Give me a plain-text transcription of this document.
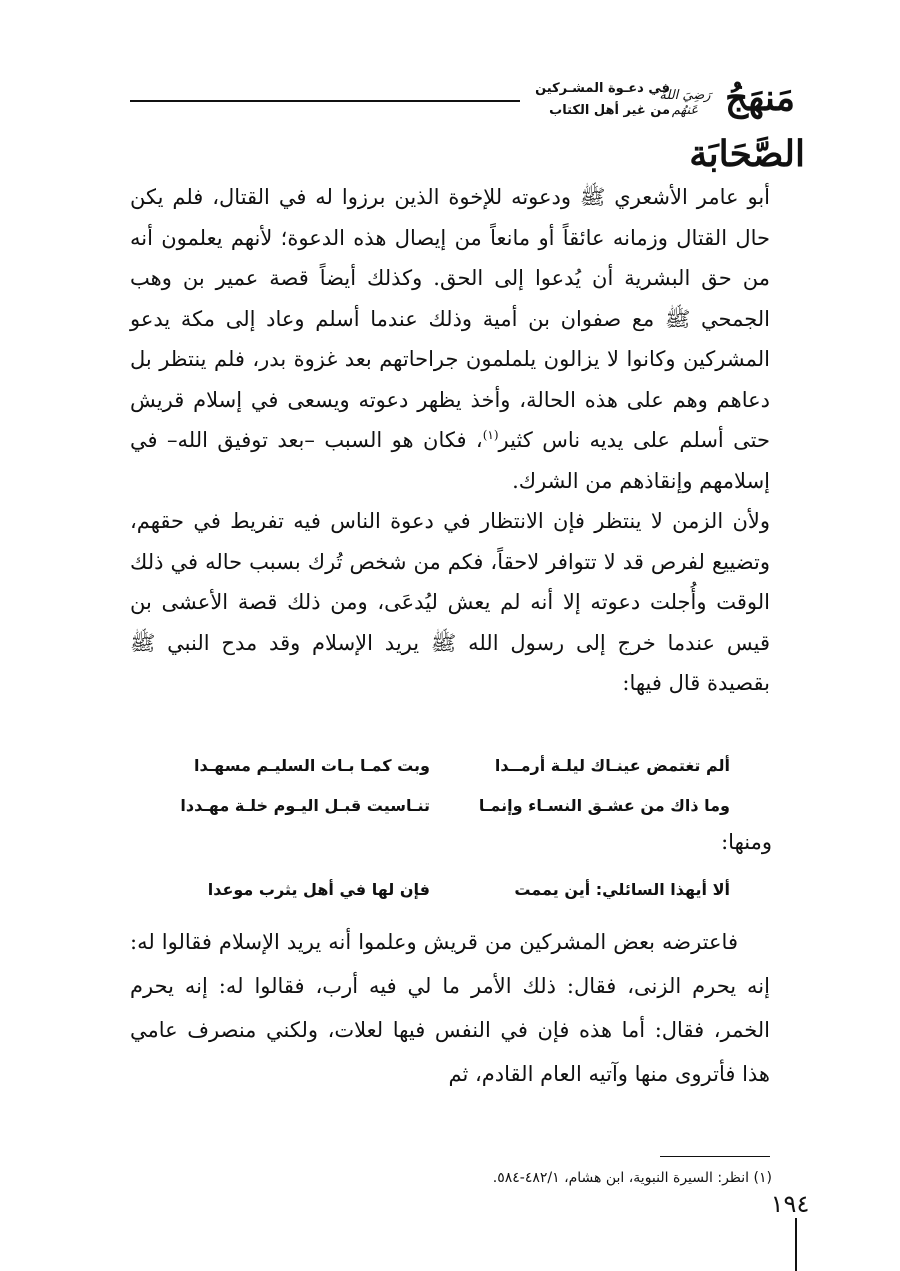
في دعـوة المشـركين
من غير أهل الكتاب
رَضِيَ اللهُ عَنهُم مَنهَجُ الصَّحَابَة

أبو عامر الأشعري ﷺ ودعوته للإخوة الذين برزوا له في القتال، فلم يكن حال القتال وزمانه عائقاً أو مانعاً من إيصال هذه الدعوة؛ لأنهم يعلمون أنه من حق البشرية أن يُدعوا إلى الحق. وكذلك أيضاً قصة عمير بن وهب الجمحي ﷺ مع صفوان بن أمية وذلك عندما أسلم وعاد إلى مكة يدعو المشركين وكانوا لا يزالون يلملمون جراحاتهم بعد غزوة بدر، فلم ينتظر بل دعاهم وهم على هذه الحالة، وأخذ يظهر دعوته ويسعى في إسلام قريش حتى أسلم على يديه ناس كثير$^{(١)}$، فكان هو السبب –بعد توفيق الله– في إسلامهم وإنقاذهم من الشرك.

ولأن الزمن لا ينتظر فإن الانتظار في دعوة الناس فيه تفريط في حقهم، وتضييع لفرص قد لا تتوافر لاحقاً، فكم من شخص تُرك بسبب حاله في ذلك الوقت وأُجلت دعوته إلا أنه لم يعش ليُدعَى، ومن ذلك قصة الأعشى بن قيس عندما خرج إلى رسول الله ﷺ يريد الإسلام وقد مدح النبي ﷺ بقصيدة قال فيها:

ألم تغتمض عينـاك ليلـة أرمــدا
وبت كمـا بـات السليـم مسهـدا
وما ذاك من عشـق النسـاء وإنمـا
تنـاسيت قبـل اليـوم خلـة مهـددا
ومنها:
ألا أيهذا السائلي: أين يممت
فإن لها في أهل يثرب موعدا

فاعترضه بعض المشركين من قريش وعلموا أنه يريد الإسلام فقالوا له: إنه يحرم الزنى، فقال: ذلك الأمر ما لي فيه أرب، فقالوا له: إنه يحرم الخمر، فقال: أما هذه فإن في النفس فيها لعلات، ولكني منصرف عامي هذا فأتروى منها وآتيه العام القادم، ثم

(١) انظر: السيرة النبوية، ابن هشام، ٤٨٢/١-٥٨٤.
١٩٤
